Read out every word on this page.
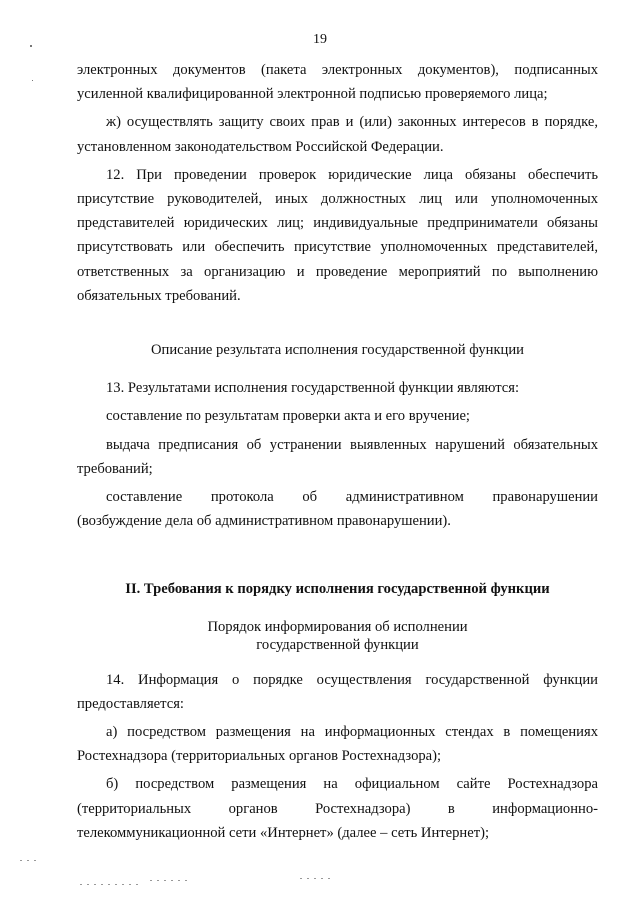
19

электронных документов (пакета электронных документов), подписанных усиленной квалифицированной электронной подписью проверяемого лица;

ж) осуществлять защиту своих прав и (или) законных интересов в порядке, установленном законодательством Российской Федерации.

12. При проведении проверок юридические лица обязаны обеспечить присутствие руководителей, иных должностных лиц или уполномоченных представителей юридических лиц; индивидуальные предприниматели обязаны присутствовать или обеспечить присутствие уполномоченных представителей, ответственных за организацию и проведение мероприятий по выполнению обязательных требований.

Описание результата исполнения государственной функции

13. Результатами исполнения государственной функции являются:

составление по результатам проверки акта и его вручение;

выдача предписания об устранении выявленных нарушений обязательных требований;

составление протокола об административном правонарушении

(возбуждение дела об административном правонарушении).

II. Требования к порядку исполнения государственной функции

Порядок информирования об исполнении
государственной функции

14. Информация о порядке осуществления государственной функции предоставляется:

а) посредством размещения на информационных стендах в помещениях Ростехнадзора (территориальных органов Ростехнадзора);

б) посредством размещения на официальном сайте Ростехнадзора (территориальных органов Ростехнадзора) в информационно-телекоммуникационной сети «Интернет» (далее – сеть Интернет);
